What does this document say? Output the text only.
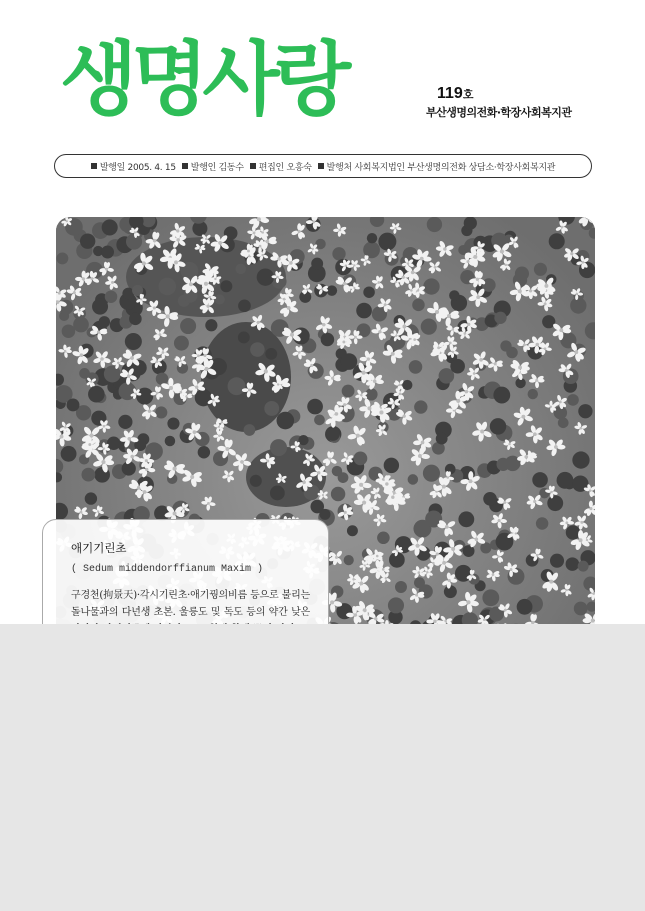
생명사랑	119호
부산생명의전화·학장사회복지관
발행일 2005. 4. 15 발행인 김동수 편집인 오흥숙 발행처 사회복지법인 부산생명의전화 상담소·학장사회복지관

애기기린초

( Sedum middendorffianum Maxim )

구경천(拘景天)·각시기린초·애기꿩의비름 등으로 불리는 돌나물과의 다년생 초본. 울릉도 및 독도 등의 약간 낮은
